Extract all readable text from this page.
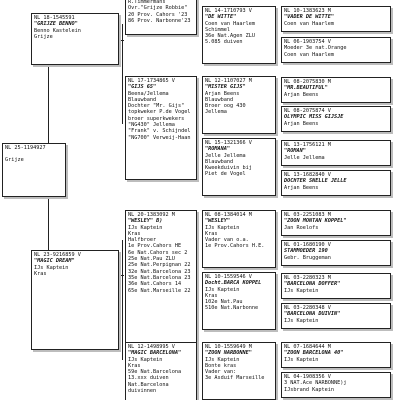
NL 25-1194927
Grijze
NL 18-1545591
"GRIJZE BENNO"
Benno Kastelein
Grijze
NL 23-9216859 V
"MAGIC DREAM"
IJs Kaptein
Kras
R.Timmermans
Ovr."Grijze Robbie"
20 Prov. Cahors '23
86 Prov. Narbonne'23
NL 17-1734865 V
"GIJS 65"
Beena/Jellema
Blauwband
Dochter "Mr. Gijs"
topkweker P.de Vogel
broer superkwekers
"NG430" Jellema
"Frank" v. Schijndel
"NG700" Verweij-Haan
NL 14-1710793 V
"DE WITTE"
Coen van Haarlem
Schimmel
36e Nat.Agen ZLU
5.085 duiven
NL 12-1107027 M
"MISTER GIJS"
Arjan Beens
Blauwband
Broer oog 430
Jellema
NL 15-1321366 V
"ROMANA"
Jelle Jellema
Blauwband
Kweekduivin bij
Piet de Vogel
NL 10-1383623 M
"VADER DE WITTE"
Coen van Haarlem
NL 06-1903754 V
Moeder 3e nat.Orange
Coen van Haarlem
NL 08-2075830 M
"MR.BEAUTIFUL"
Arjan Beens
NL 08-2075874 V
OLYMPIC MISS GIJSJE
Arjan Beens
NL 13-1756121 M
"ROMAN"
Jelle Jellema
NL 13-1682840 V
DOCHTER SNELLE JELLE
Arjan Beens
NL 20-1383092 M
"WESLEY" B)
IJs Kaptein
Kras
Halfbroer
1e Prov.Cahors HE
6e Nat.Cahors sec 2
25e Nat.Pau ZLU
25e Nat.Perpignan 22
32e Nat.Barcelona 23
35e Nat.Barcelona 23
36e Nat.Cahors 14
65e Nat.Marseille 22
NL 12-1498995 V
"MAGIC BARCELONA"
IJs Kaptein
Kras
59e Nat.Barcelona
13.xxx duiven
Nat.Barcelona
duivinnen
NL 08-1384014 M
"WESLEY"
IJs Kaptein
Kras
Vader van o.a.
1e Prov.Cahors H.E.
NL 10-1559546 V
Docht.BARCA KOPPEL
IJs Kaptein
Kras
102e Nat.Pau
510e Nat.Narbonne
NL 10-1559649 M
"ZOON NARBONNE"
IJs Kaptein
Bonte kras
Vader van:
3e Asduif Marseille
NL 03-2251083 M
"ZOON MONTAN KOPPEL"
Jan Roelofs
NL 01-1680190 V
STAMMOEDER 190
Gebr. Bruggeman
NL 03-2280323 M
"BARCELONA DOFFER"
IJs Kaptein
NL 03-2280348 V
"BARCELONA DUIVIN"
IJs Kaptein
NL 07-1684644 M
"ZOON BARCELONA 40"
IJs Kaptein
NL 04-1908356 V
3 NAT.Ace NARBONNE)j
IJsbrand Kaptein
